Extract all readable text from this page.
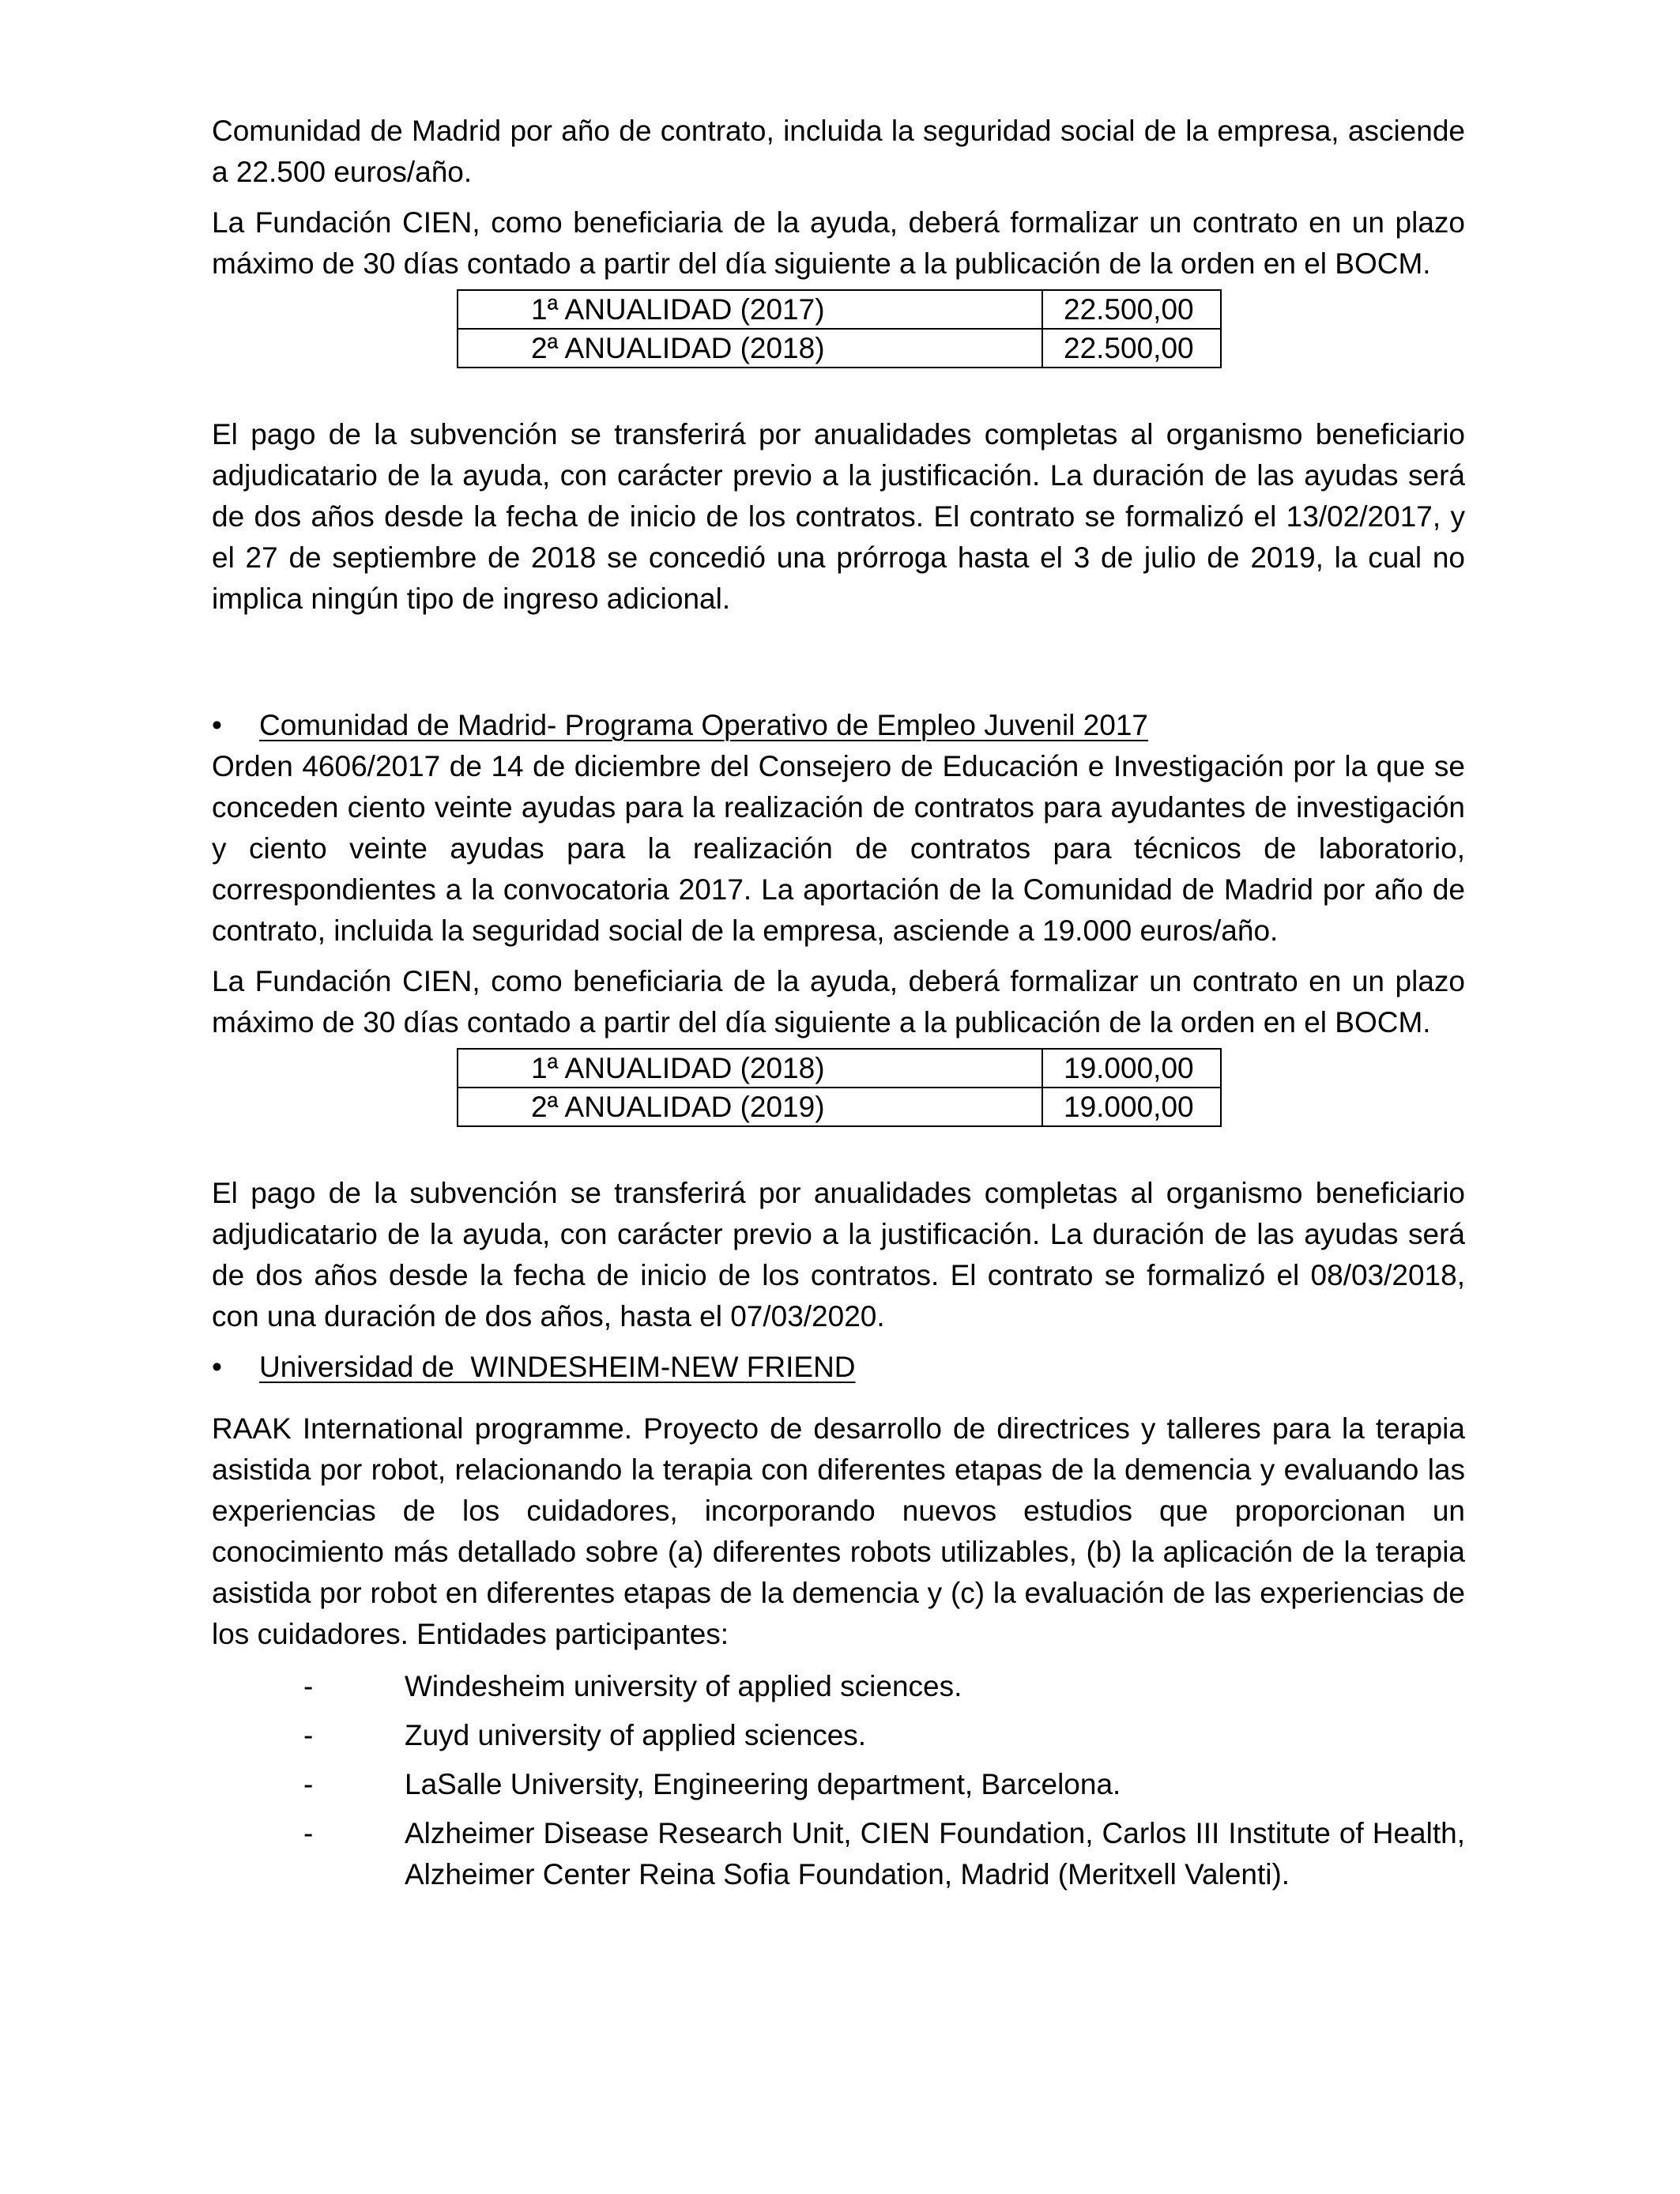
Comunidad de Madrid por año de contrato, incluida la seguridad social de la empresa, asciende a 22.500 euros/año.

La Fundación CIEN, como beneficiaria de la ayuda, deberá formalizar un contrato en un plazo máximo de 30 días contado a partir del día siguiente a la publicación de la orden en el BOCM.

1ª ANUALIDAD (2017)	22.500,00
2ª ANUALIDAD (2018)	22.500,00

El pago de la subvención se transferirá por anualidades completas al organismo beneficiario adjudicatario de la ayuda, con carácter previo a la justificación. La duración de las ayudas será de dos años desde la fecha de inicio de los contratos. El contrato se formalizó el 13/02/2017, y el 27 de septiembre de 2018 se concedió una prórroga hasta el 3 de julio de 2019, la cual no implica ningún tipo de ingreso adicional.

•	Comunidad de Madrid- Programa Operativo de Empleo Juvenil 2017

Orden 4606/2017 de 14 de diciembre del Consejero de Educación e Investigación por la que se conceden ciento veinte ayudas para la realización de contratos para ayudantes de investigación y ciento veinte ayudas para la realización de contratos para técnicos de laboratorio, correspondientes a la convocatoria 2017. La aportación de la Comunidad de Madrid por año de contrato, incluida la seguridad social de la empresa, asciende a 19.000 euros/año.

La Fundación CIEN, como beneficiaria de la ayuda, deberá formalizar un contrato en un plazo máximo de 30 días contado a partir del día siguiente a la publicación de la orden en el BOCM.

1ª ANUALIDAD (2018)	19.000,00
2ª ANUALIDAD (2019)	19.000,00

El pago de la subvención se transferirá por anualidades completas al organismo beneficiario adjudicatario de la ayuda, con carácter previo a la justificación. La duración de las ayudas será de dos años desde la fecha de inicio de los contratos. El contrato se formalizó el 08/03/2018, con una duración de dos años, hasta el 07/03/2020.

•	Universidad de  WINDESHEIM-NEW FRIEND

RAAK International programme. Proyecto de desarrollo de directrices y talleres para la terapia asistida por robot, relacionando la terapia con diferentes etapas de la demencia y evaluando las experiencias de los cuidadores, incorporando nuevos estudios que proporcionan un conocimiento más detallado sobre (a) diferentes robots utilizables, (b) la aplicación de la terapia asistida por robot en diferentes etapas de la demencia y (c) la evaluación de las experiencias de los cuidadores. Entidades participantes:

-	Windesheim university of applied sciences.
-	Zuyd university of applied sciences.
-	LaSalle University, Engineering department, Barcelona.
-	Alzheimer Disease Research Unit, CIEN Foundation, Carlos III Institute of Health, Alzheimer Center Reina Sofia Foundation, Madrid (Meritxell Valenti).
